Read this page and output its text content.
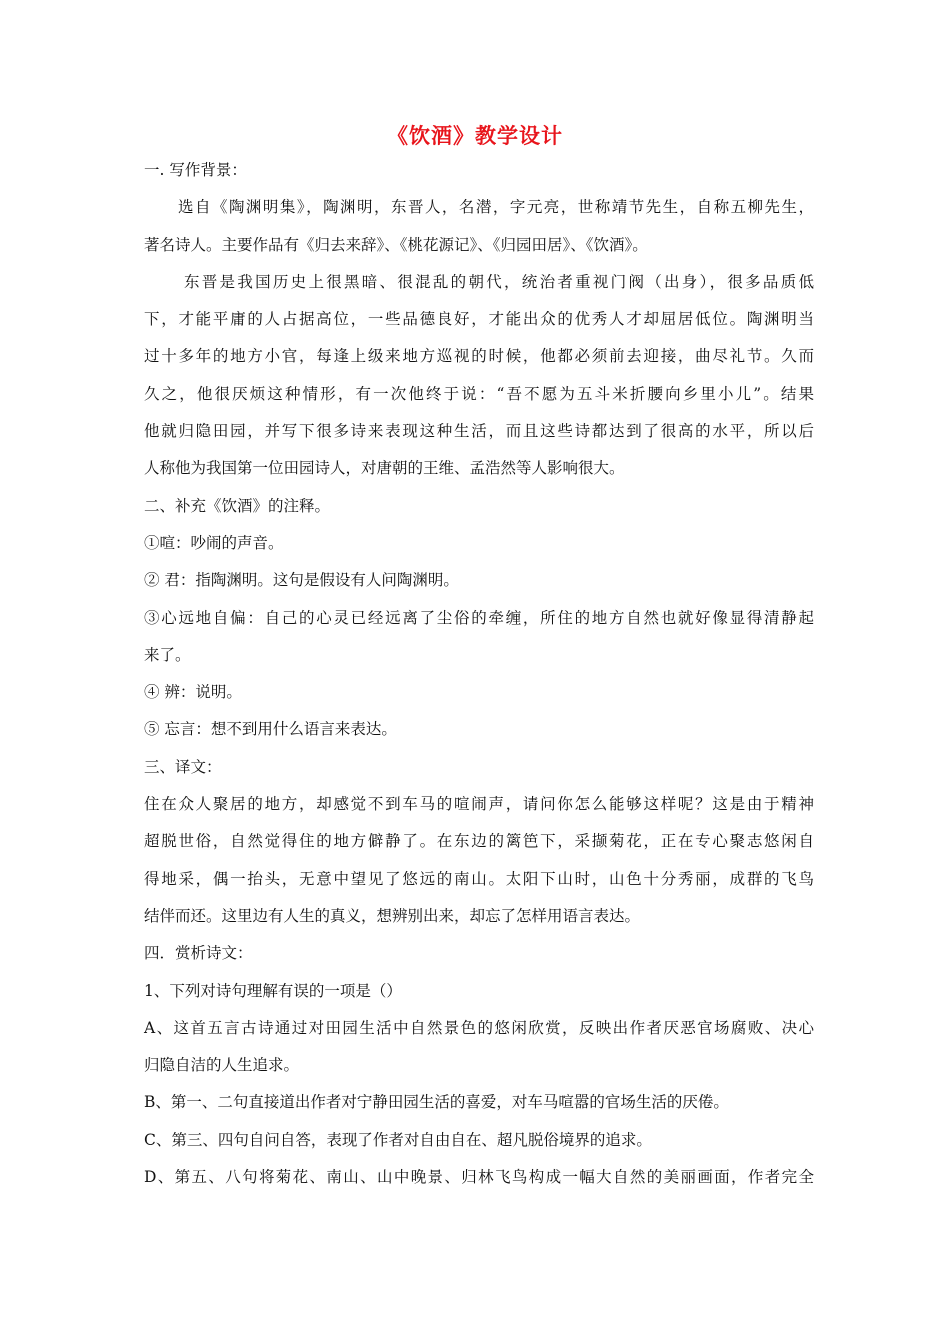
《饮酒》教学设计
一. 写作背景：
选自《陶渊明集》，陶渊明，东晋人，名潜，字元亮，世称靖节先生，自称五柳先生，
著名诗人。主要作品有《归去来辞》、《桃花源记》、《归园田居》、《饮酒》。
东晋是我国历史上很黑暗、很混乱的朝代，统治者重视门阀（出身），很多品质低
下，才能平庸的人占据高位，一些品德良好，才能出众的优秀人才却屈居低位。陶渊明当
过十多年的地方小官，每逢上级来地方巡视的时候，他都必须前去迎接，曲尽礼节。久而
久之，他很厌烦这种情形，有一次他终于说：“吾不愿为五斗米折腰向乡里小儿”。结果
他就归隐田园，并写下很多诗来表现这种生活，而且这些诗都达到了很高的水平，所以后
人称他为我国第一位田园诗人，对唐朝的王维、孟浩然等人影响很大。
二、补充《饮酒》的注释。
①喧：吵闹的声音。
② 君：指陶渊明。这句是假设有人问陶渊明。
③心远地自偏：自己的心灵已经远离了尘俗的牵缠，所住的地方自然也就好像显得清静起
来了。
④ 辨：说明。
⑤ 忘言：想不到用什么语言来表达。
三、译文：
住在众人聚居的地方，却感觉不到车马的喧闹声，请问你怎么能够这样呢？这是由于精神
超脱世俗，自然觉得住的地方僻静了。在东边的篱笆下，采撷菊花，正在专心聚志悠闲自
得地采，偶一抬头，无意中望见了悠远的南山。太阳下山时，山色十分秀丽，成群的飞鸟
结伴而还。这里边有人生的真义，想辨别出来，却忘了怎样用语言表达。
四．赏析诗文：
1、下列对诗句理解有误的一项是（）
A、这首五言古诗通过对田园生活中自然景色的悠闲欣赏，反映出作者厌恶官场腐败、决心
归隐自洁的人生追求。
B、第一、二句直接道出作者对宁静田园生活的喜爱，对车马喧嚣的官场生活的厌倦。
C、第三、四句自问自答，表现了作者对自由自在、超凡脱俗境界的追求。
D、第五、八句将菊花、南山、山中晚景、归林飞鸟构成一幅大自然的美丽画面，作者完全
